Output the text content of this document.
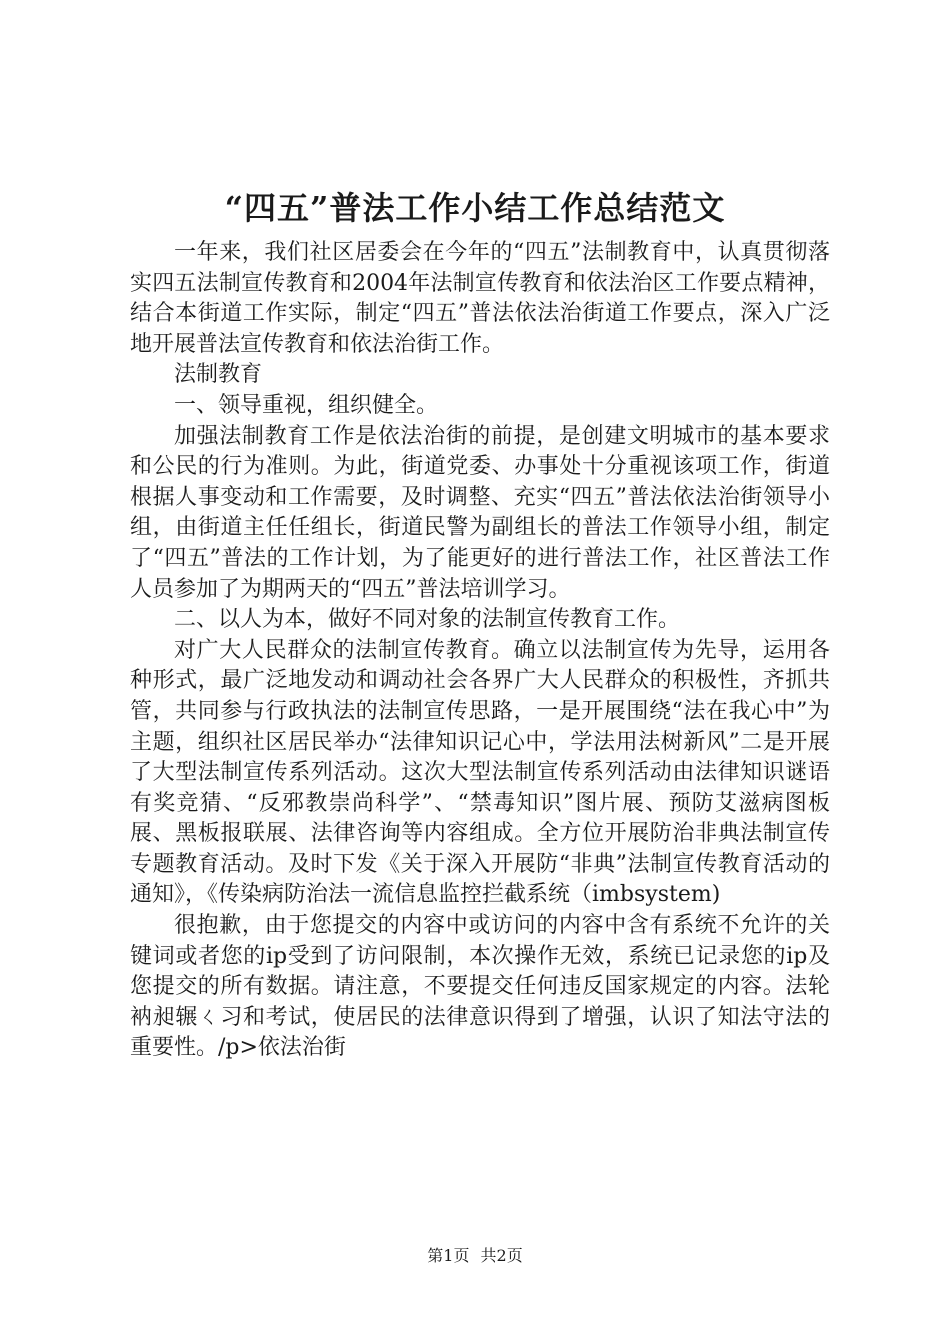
“四五”普法工作小结工作总结范文

一年来，我们社区居委会在今年的“四五”法制教育中，认真贯彻落实四五法制宣传教育和2004年法制宣传教育和依法治区工作要点精神，结合本街道工作实际，制定“四五”普法依法治街道工作要点，深入广泛地开展普法宣传教育和依法治街工作。

法制教育

一、领导重视，组织健全。

加强法制教育工作是依法治街的前提，是创建文明城市的基本要求和公民的行为准则。为此，街道党委、办事处十分重视该项工作，街道根据人事变动和工作需要，及时调整、充实“四五”普法依法治街领导小组，由街道主任任组长，街道民警为副组长的普法工作领导小组，制定了“四五”普法的工作计划，为了能更好的进行普法工作，社区普法工作人员参加了为期两天的“四五”普法培训学习。

二、以人为本，做好不同对象的法制宣传教育工作。

对广大人民群众的法制宣传教育。确立以法制宣传为先导，运用各种形式，最广泛地发动和调动社会各界广大人民群众的积极性，齐抓共管，共同参与行政执法的法制宣传思路，一是开展围绕“法在我心中”为主题，组织社区居民举办“法律知识记心中，学法用法树新风”二是开展了大型法制宣传系列活动。这次大型法制宣传系列活动由法律知识谜语有奖竞猜、“反邪教崇尚科学”、“禁毒知识”图片展、预防艾滋病图板展、黑板报联展、法律咨询等内容组成。全方位开展防治非典法制宣传专题教育活动。及时下发《关于深入开展防“非典”法制宣传教育活动的通知》，《传染病防治法一流信息监控拦截系统（imbsystem)

很抱歉，由于您提交的内容中或访问的内容中含有系统不允许的关键词或者您的ip受到了访问限制，本次操作无效，系统已记录您的ip及您提交的所有数据。请注意，不要提交任何违反国家规定的内容。法轮衲昶辗ㄑ习和考试，使居民的法律意识得到了增强，认识了知法守法的重要性。/p>依法治街

第1页 共2页
